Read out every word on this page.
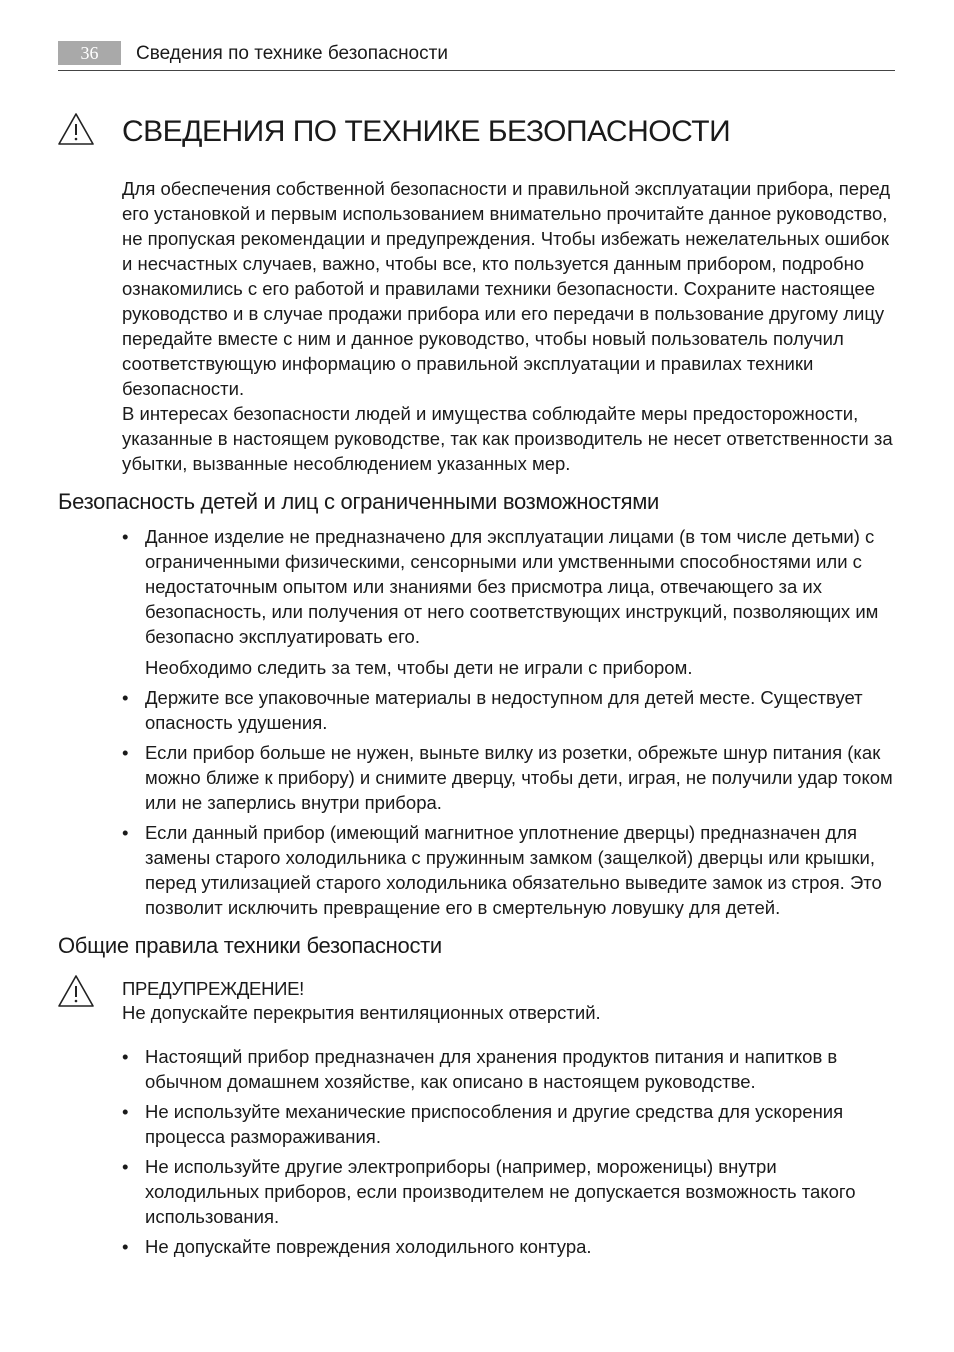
36	Сведения по технике безопасности
СВЕДЕНИЯ ПО ТЕХНИКЕ БЕЗОПАСНОСТИ

Для обеспечения собственной безопасности и правильной эксплуатации прибора, перед его установкой и первым использованием внимательно прочитайте данное руководство, не пропуская рекомендации и предупреждения. Чтобы избежать нежелательных ошибок и несчастных случаев, важно, чтобы все, кто пользуется данным прибором, подробно ознакомились с его работой и правилами техники безопасности. Сохраните настоящее руководство и в случае продажи прибора или его передачи в пользование другому лицу передайте вместе с ним и данное руководство, чтобы новый пользователь получил соответствующую информацию о правильной эксплуатации и правилах техники безопасности.

В интересах безопасности людей и имущества соблюдайте меры предосторожности, указанные в настоящем руководстве, так как производитель не несет ответственности за убытки, вызванные несоблюдением указанных мер.

Безопасность детей и лиц с ограниченными возможностями
• Данное изделие не предназначено для эксплуатации лицами (в том числе детьми) с ограниченными физическими, сенсорными или умственными способностями или с недостаточным опытом или знаниями без присмотра лица, отвечающего за их безопасность, или получения от него соответствующих инструкций, позволяющих им безопасно эксплуатировать его.
Необходимо следить за тем, чтобы дети не играли с прибором.
• Держите все упаковочные материалы в недоступном для детей месте. Существует опасность удушения.
• Если прибор больше не нужен, выньте вилку из розетки, обрежьте шнур питания (как можно ближе к прибору) и снимите дверцу, чтобы дети, играя, не получили удар током или не заперлись внутри прибора.
• Если данный прибор (имеющий магнитное уплотнение дверцы) предназначен для замены старого холодильника с пружинным замком (защелкой) дверцы или крышки, перед утилизацией старого холодильника обязательно выведите замок из строя. Это позволит исключить превращение его в смертельную ловушку для детей.
Общие правила техники безопасности
ПРЕДУПРЕЖДЕНИЕ!
Не допускайте перекрытия вентиляционных отверстий.
• Настоящий прибор предназначен для хранения продуктов питания и напитков в обычном домашнем хозяйстве, как описано в настоящем руководстве.
• Не используйте механические приспособления и другие средства для ускорения процесса размораживания.
• Не используйте другие электроприборы (например, мороженицы) внутри холодильных приборов, если производителем не допускается возможность такого использования.
• Не допускайте повреждения холодильного контура.
